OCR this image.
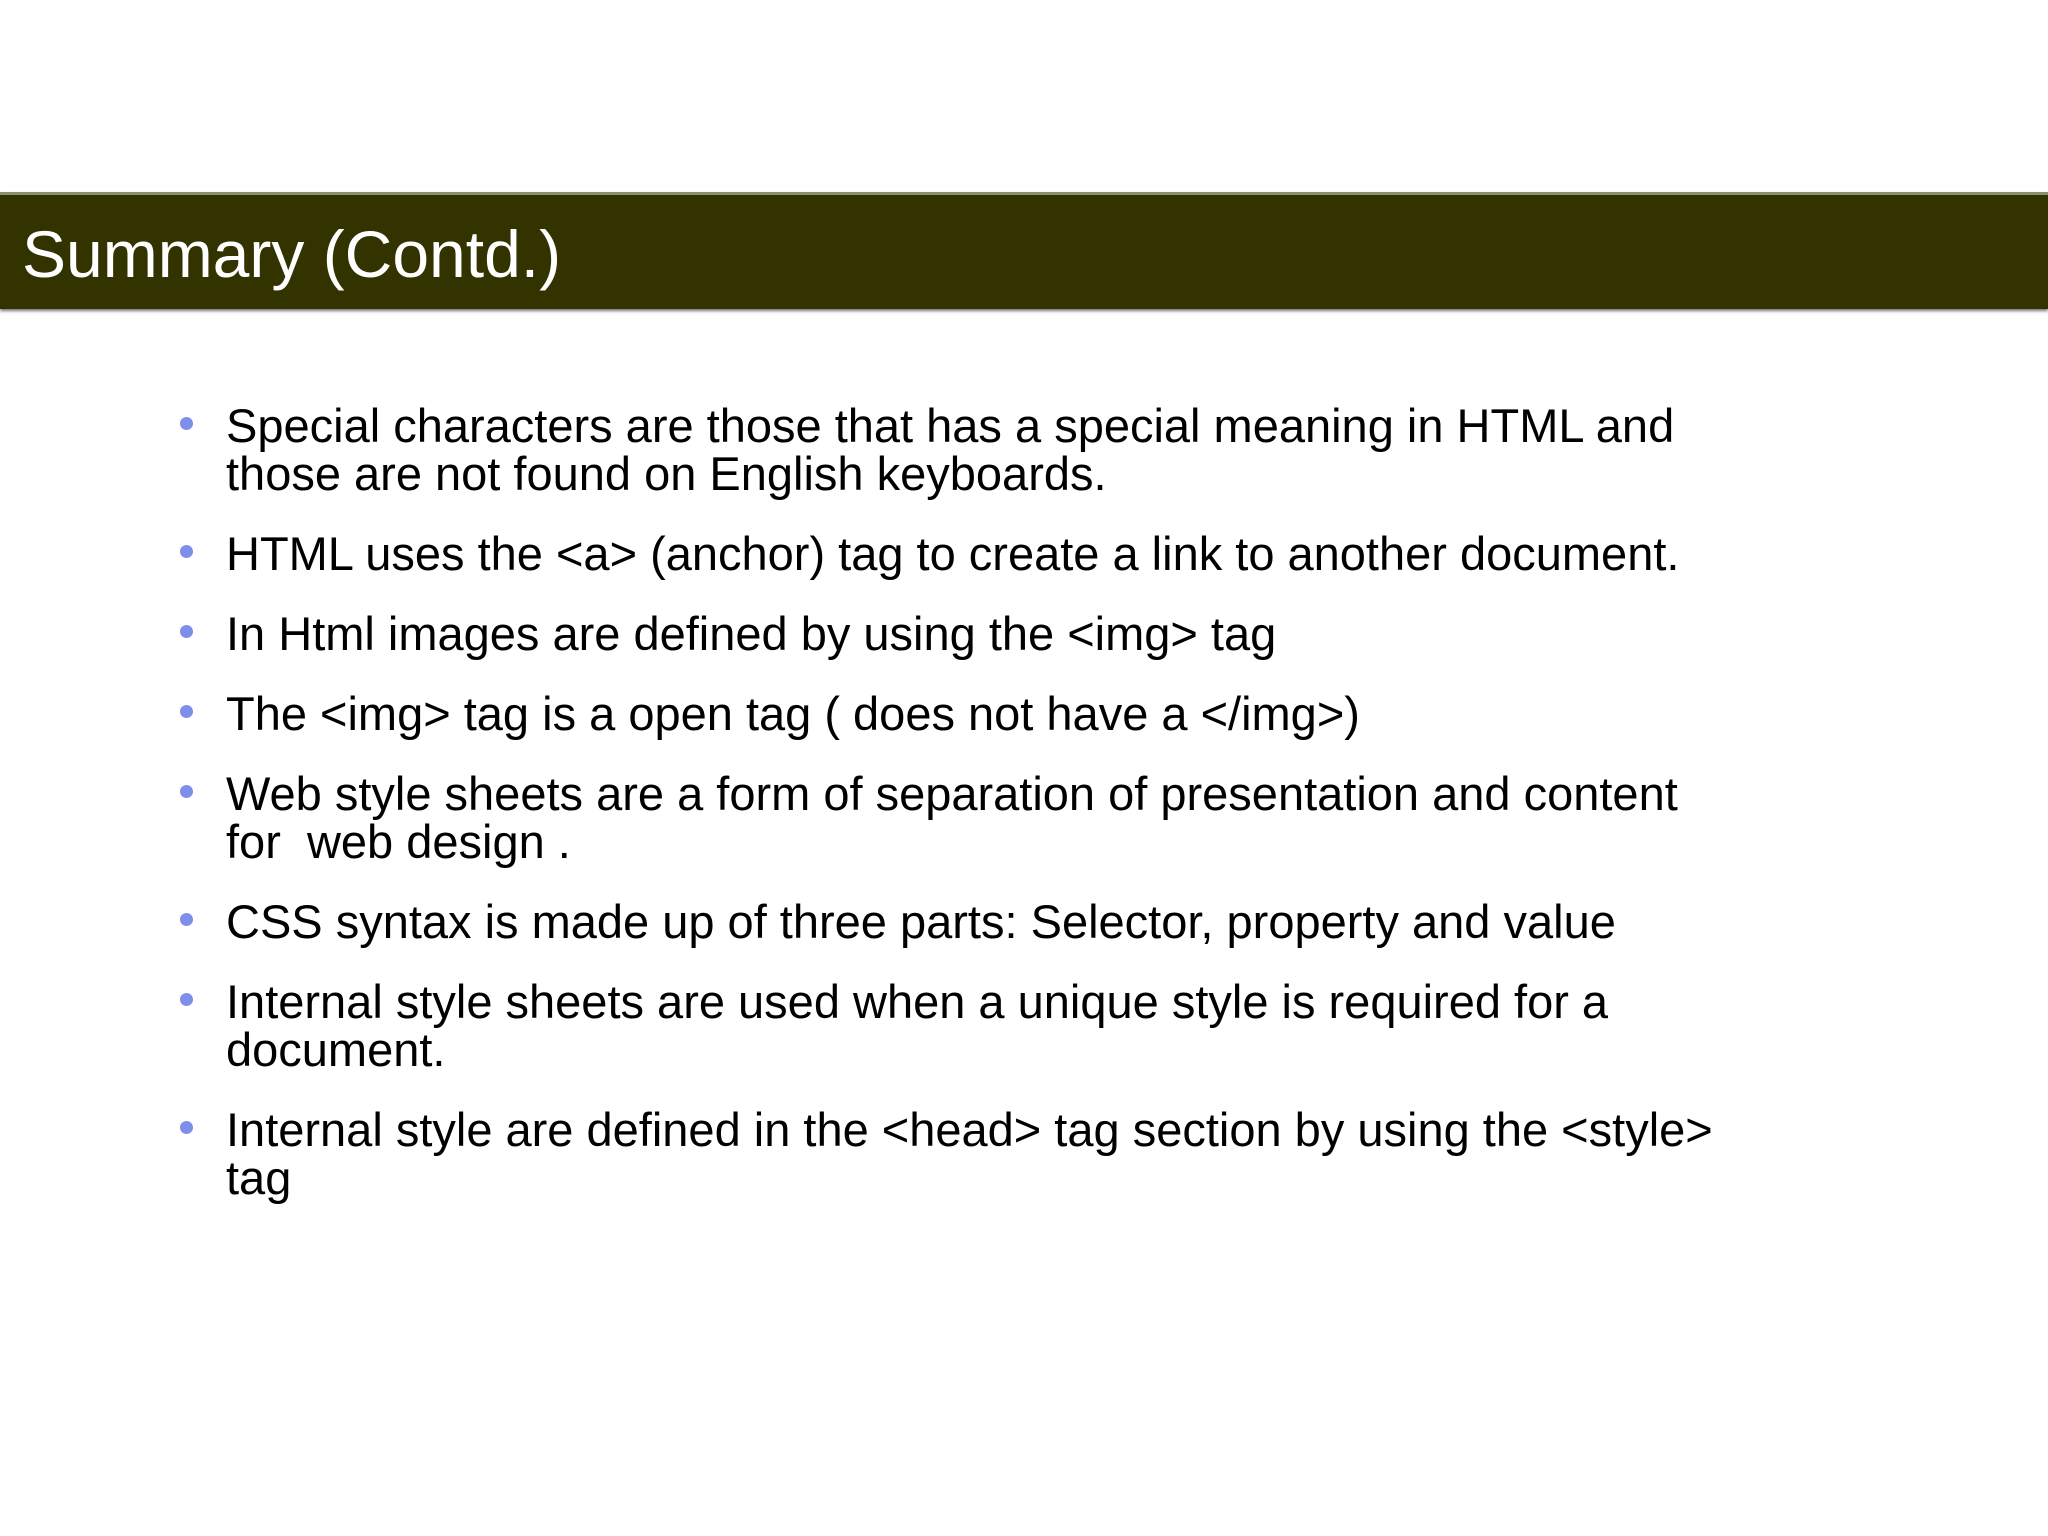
Summary (Contd.)
Special characters are those that has a special meaning in HTML and
those are not found on English keyboards.
HTML uses the <a> (anchor) tag to create a link to another document.
In Html images are defined by using the <img> tag
The <img> tag is a open tag ( does not have a </img>)
Web style sheets are a form of separation of presentation and content
for  web design .
CSS syntax is made up of three parts: Selector, property and value
Internal style sheets are used when a unique style is required for a
document.
Internal style are defined in the <head> tag section by using the <style>
tag
